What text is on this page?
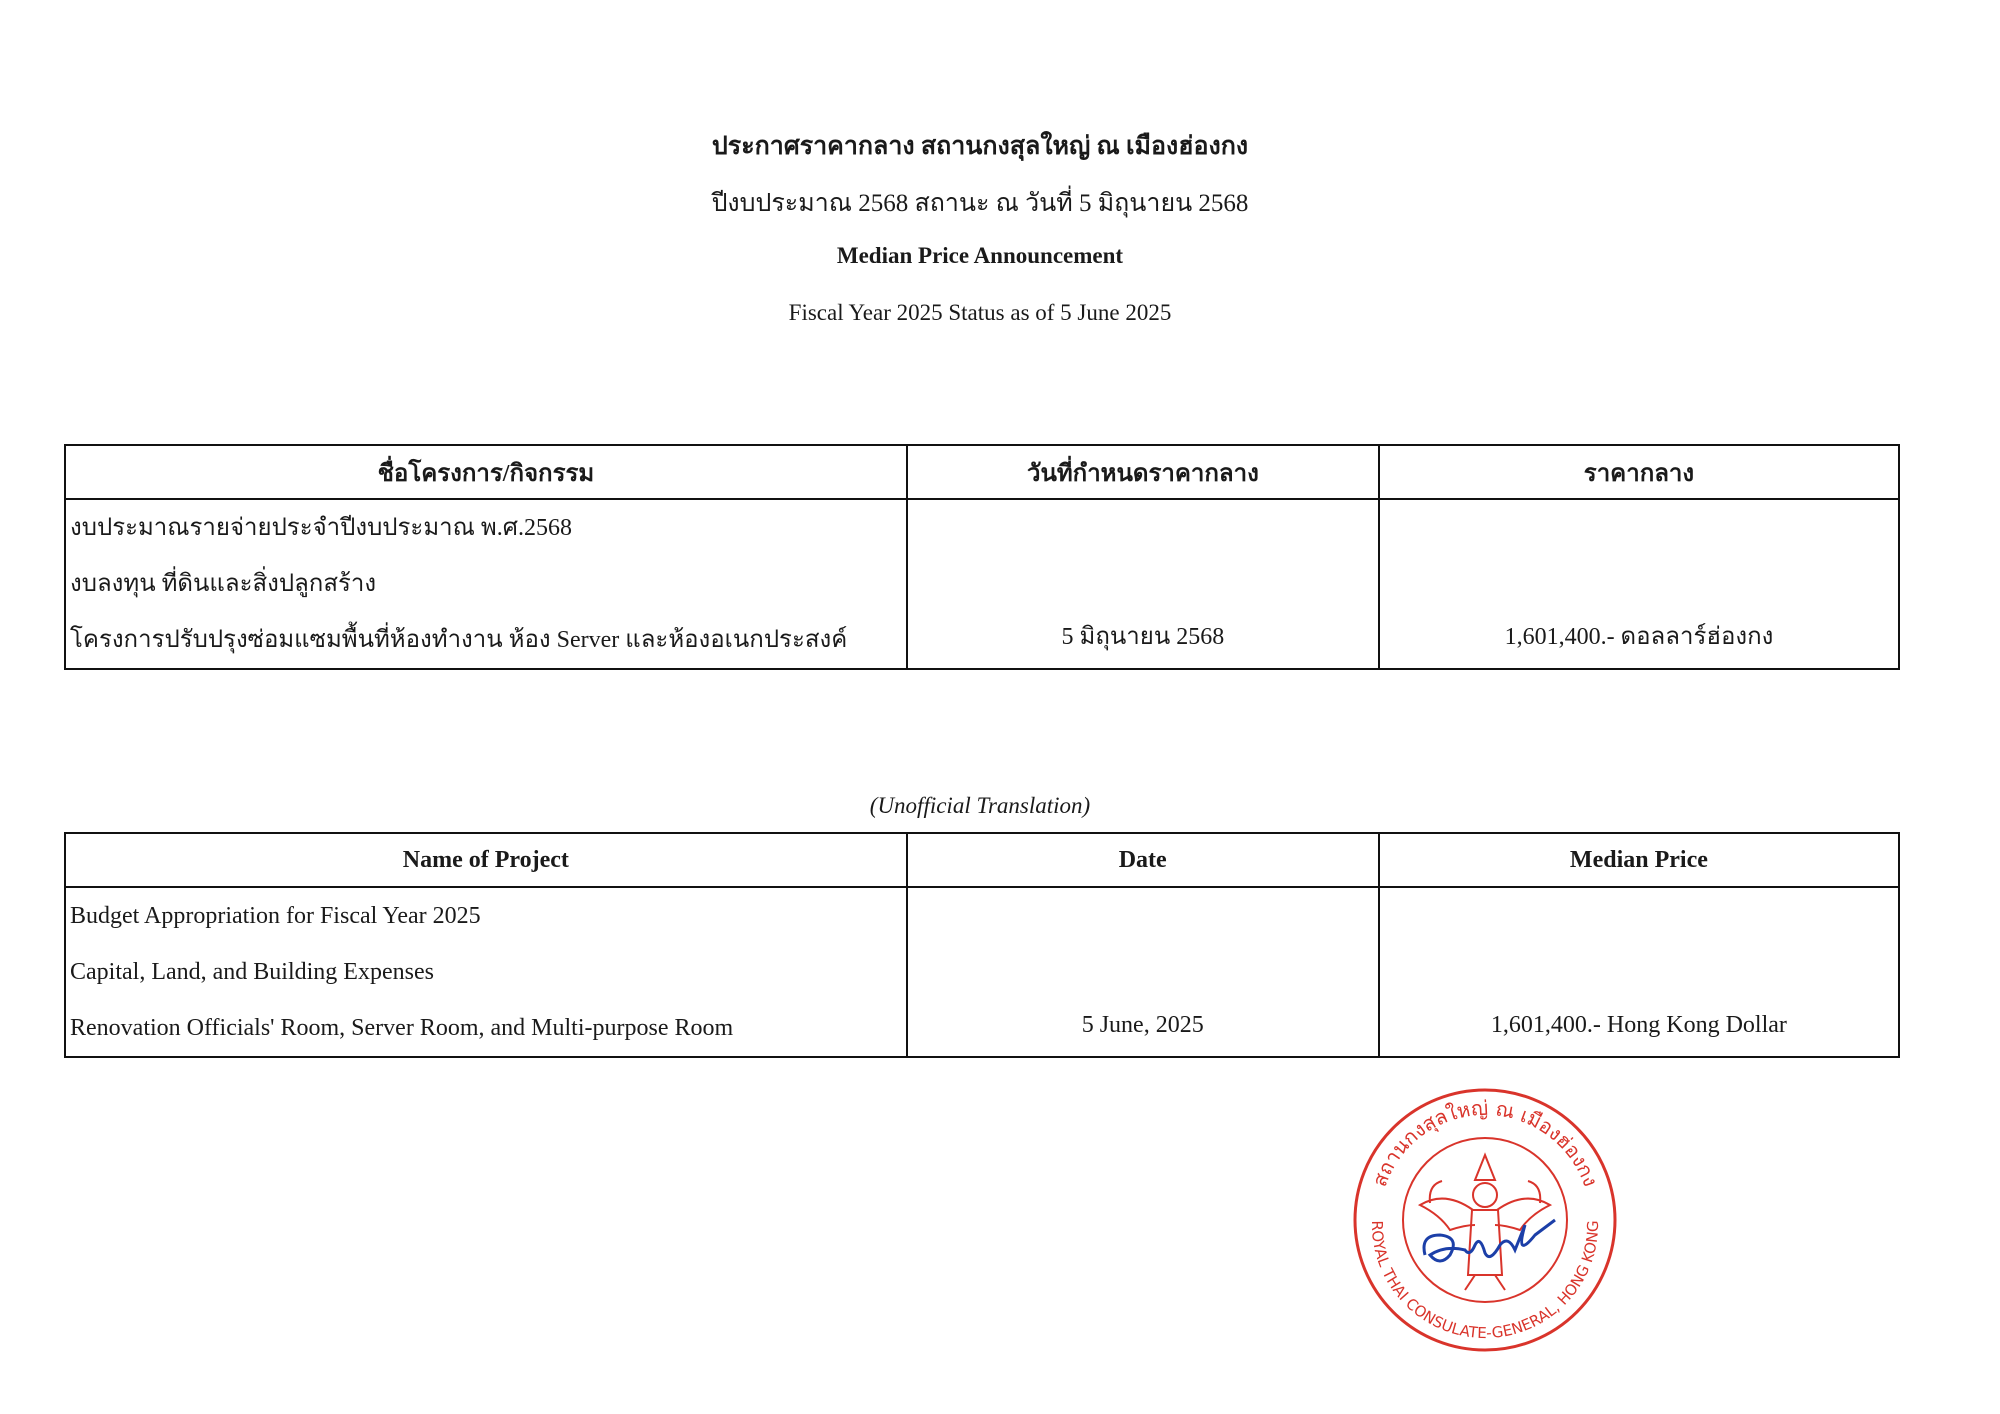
ประกาศราคากลาง สถานกงสุลใหญ่ ณ เมืองฮ่องกง
ปีงบประมาณ 2568 สถานะ ณ วันที่ 5 มิถุนายน 2568
Median Price Announcement
Fiscal Year 2025 Status as of 5 June 2025
ชื่อโครงการ/กิจกรรม	วันที่กำหนดราคากลาง	ราคากลาง

งบประมาณรายจ่ายประจำปีงบประมาณ พ.ศ.2568
งบลงทุน ที่ดินและสิ่งปลูกสร้าง
โครงการปรับปรุงซ่อมแซมพื้นที่ห้องทำงาน ห้อง Server และห้องอเนกประสงค์	5 มิถุนายน 2568	1,601,400.- ดอลลาร์ฮ่องกง
(Unofficial Translation)
Name of Project	Date	Median Price

Budget Appropriation for Fiscal Year 2025
Capital, Land, and Building Expenses
Renovation Officials' Room, Server Room, and Multi-purpose Room	5 June, 2025	1,601,400.- Hong Kong Dollar
สถานกงสุลใหญ่ ณ เมืองฮ่องกง
ROYAL THAI CONSULATE-GENERAL, HONG KONG
